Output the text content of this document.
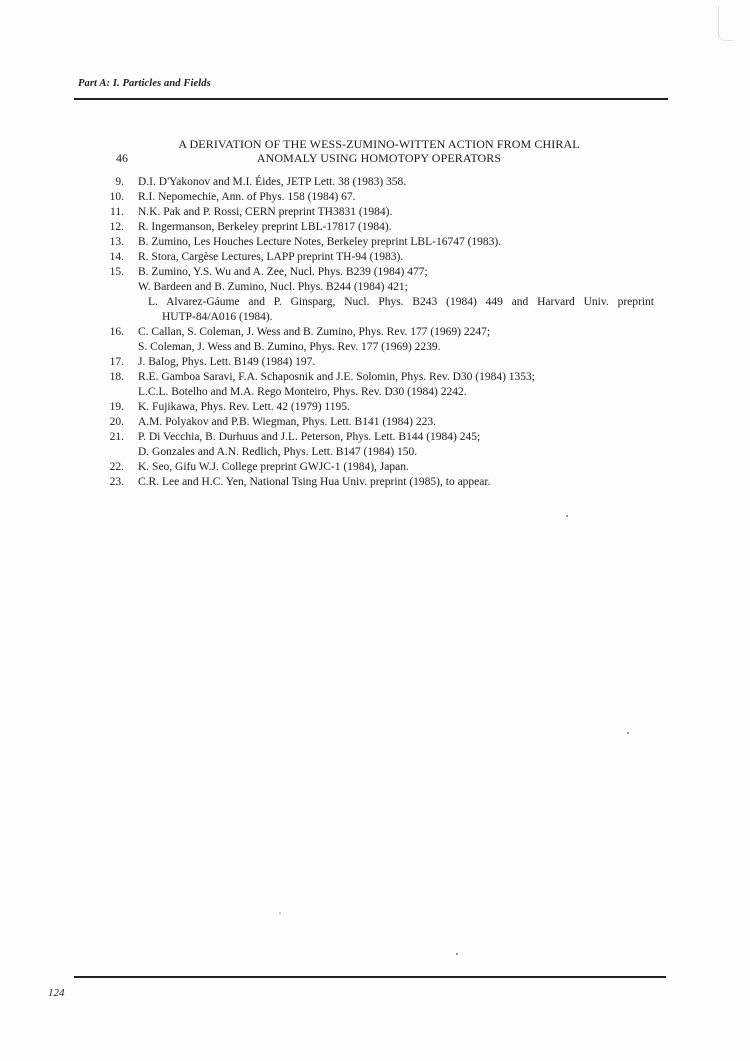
Part A: I. Particles and Fields
46
A DERIVATION OF THE WESS-ZUMINO-WITTEN ACTION FROM CHIRAL
ANOMALY USING HOMOTOPY OPERATORS
9. D.I. D'Yakonov and M.I. Éides, JETP Lett. 38 (1983) 358.
10. R.I. Nepomechie, Ann. of Phys. 158 (1984) 67.
11. N.K. Pak and P. Rossi, CERN preprint TH3831 (1984).
12. R. Ingermanson, Berkeley preprint LBL-17817 (1984).
13. B. Zumino, Les Houches Lecture Notes, Berkeley preprint LBL-16747 (1983).
14. R. Stora, Cargèse Lectures, LAPP preprint TH-94 (1983).
15. B. Zumino, Y.S. Wu and A. Zee, Nucl. Phys. B239 (1984) 477;
W. Bardeen and B. Zumino, Nucl. Phys. B244 (1984) 421;
L. Alvarez-Gáume and P. Ginsparg, Nucl. Phys. B243 (1984) 449 and Harvard Univ. preprint
HUTP-84/A016 (1984).
16. C. Callan, S. Coleman, J. Wess and B. Zumino, Phys. Rev. 177 (1969) 2247;
S. Coleman, J. Wess and B. Zumino, Phys. Rev. 177 (1969) 2239.
17. J. Balog, Phys. Lett. B149 (1984) 197.
18. R.E. Gamboa Saravi, F.A. Schaposnik and J.E. Solomin, Phys. Rev. D30 (1984) 1353;
L.C.L. Botelho and M.A. Rego Monteiro, Phys. Rev. D30 (1984) 2242.
19. K. Fujikawa, Phys. Rev. Lett. 42 (1979) 1195.
20. A.M. Polyakov and P.B. Wiegman, Phys. Lett. B141 (1984) 223.
21. P. Di Vecchia, B. Durhuus and J.L. Peterson, Phys. Lett. B144 (1984) 245;
D. Gonzales and A.N. Redlich, Phys. Lett. B147 (1984) 150.
22. K. Seo, Gifu W.J. College preprint GWJC-1 (1984), Japan.
23. C.R. Lee and H.C. Yen, National Tsing Hua Univ. preprint (1985), to appear.
124
